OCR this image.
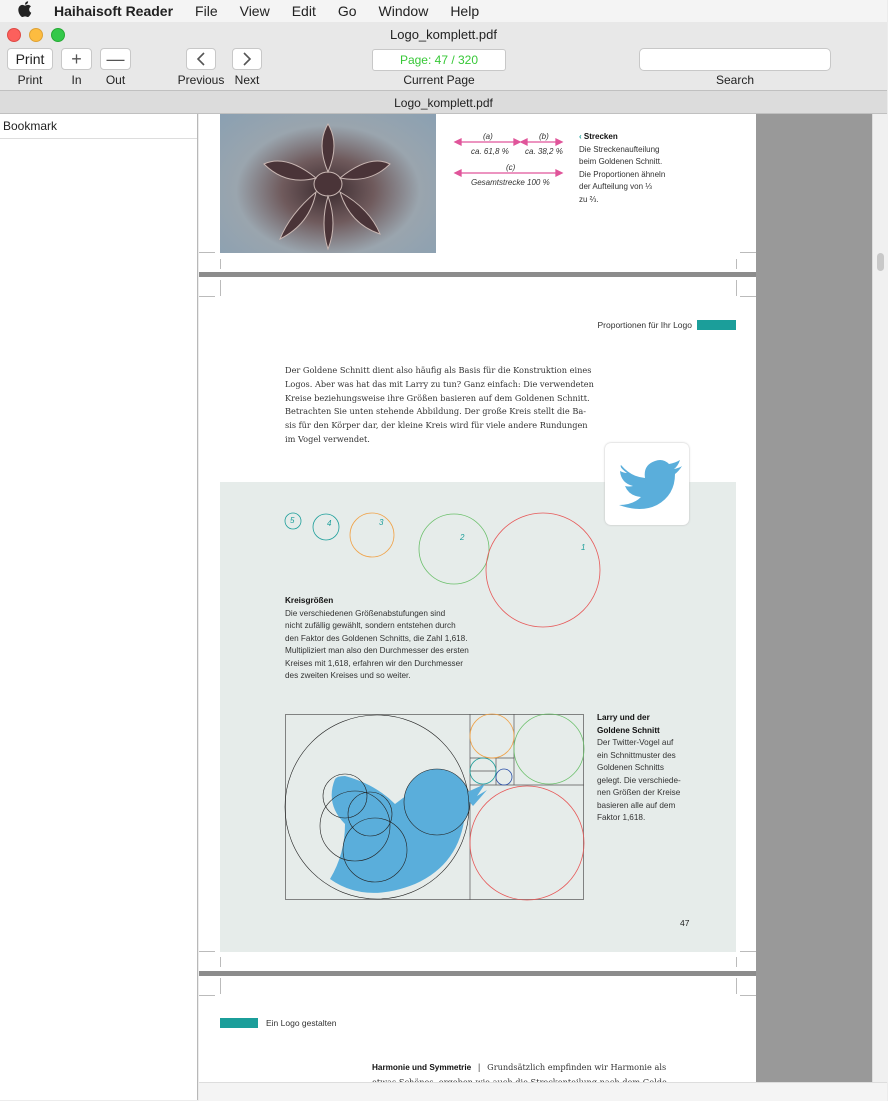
Haihaisoft Reader File View Edit Go Window Help
Logo_komplett.pdf
Print
Print
+
In
—
Out	Previous Next
Page: 47 / 320
Current Page	Search
Logo_komplett.pdf
Bookmark
(a)
ca. 61,8 %
(b)
ca. 38,2 %
(c)
Gesamtstrecke 100 %
‹ Strecken
Die Streckenaufteilung
beim Goldenen Schnitt.
Die Proportionen ähneln
der Aufteilung von ⅓
zu ⅔.
Proportionen für Ihr Logo
Der Goldene Schnitt dient also häufig als Basis für die Konstruktion eines
Logos. Aber was hat das mit Larry zu tun? Ganz einfach: Die verwendeten
Kreise beziehungsweise ihre Größen basieren auf dem Goldenen Schnitt.
Betrachten Sie unten stehende Abbildung. Der große Kreis stellt die Ba-
sis für den Körper dar, der kleine Kreis wird für viele andere Rundungen
im Vogel verwendet.
5	4	3
2
1
Kreisgrößen
Die verschiedenen Größenabstufungen sind
nicht zufällig gewählt, sondern entstehen durch
den Faktor des Goldenen Schnitts, die Zahl 1,618.
Multipliziert man also den Durchmesser des ersten
Kreises mit 1,618, erfahren wir den Durchmesser
des zweiten Kreises und so weiter.
Larry und der
Goldene Schnitt
Der Twitter-Vogel auf
ein Schnittmuster des
Goldenen Schnitts
gelegt. Die verschiede-
nen Größen der Kreise
basieren alle auf dem
Faktor 1,618.
47
Ein Logo gestalten
Harmonie und Symmetrie | Grundsätzlich empfinden wir Harmonie als
